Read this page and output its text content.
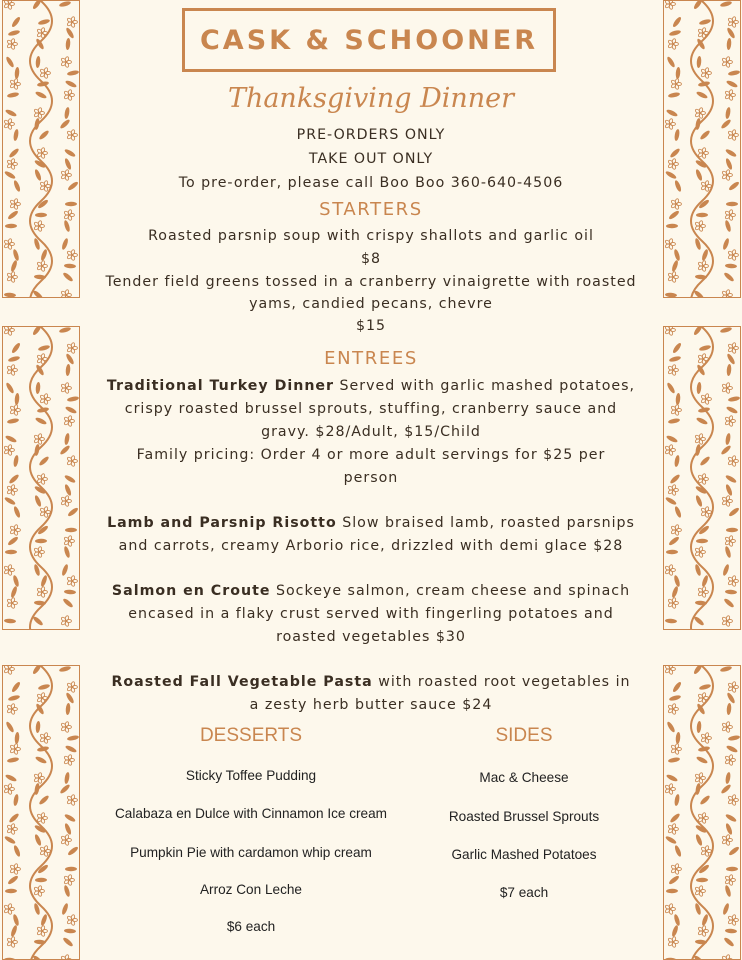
CASK & SCHOONER
Thanksgiving Dinner
PRE-ORDERS ONLY
TAKE OUT ONLY
To pre-order, please call Boo Boo 360-640-4506
STARTERS
Roasted parsnip soup with crispy shallots and garlic oil
$8
Tender field greens tossed in a cranberry vinaigrette with roasted
yams, candied pecans, chevre
$15
ENTREES
Traditional Turkey Dinner Served with garlic mashed potatoes,
crispy roasted brussel sprouts, stuffing, cranberry sauce and
gravy. $28/Adult, $15/Child
Family pricing: Order 4 or more adult servings for $25 per
person
Lamb and Parsnip Risotto Slow braised lamb, roasted parsnips
and carrots, creamy Arborio rice, drizzled with demi glace $28
Salmon en Croute Sockeye salmon, cream cheese and spinach
encased in a flaky crust served with fingerling potatoes and
roasted vegetables $30
Roasted Fall Vegetable Pasta with roasted root vegetables in
a zesty herb butter sauce $24
DESSERTS
Sticky Toffee Pudding
Calabaza en Dulce with Cinnamon Ice cream
Pumpkin Pie with cardamon whip cream
Arroz Con Leche
$6 each
SIDES
Mac & Cheese
Roasted Brussel Sprouts
Garlic Mashed Potatoes
$7 each
